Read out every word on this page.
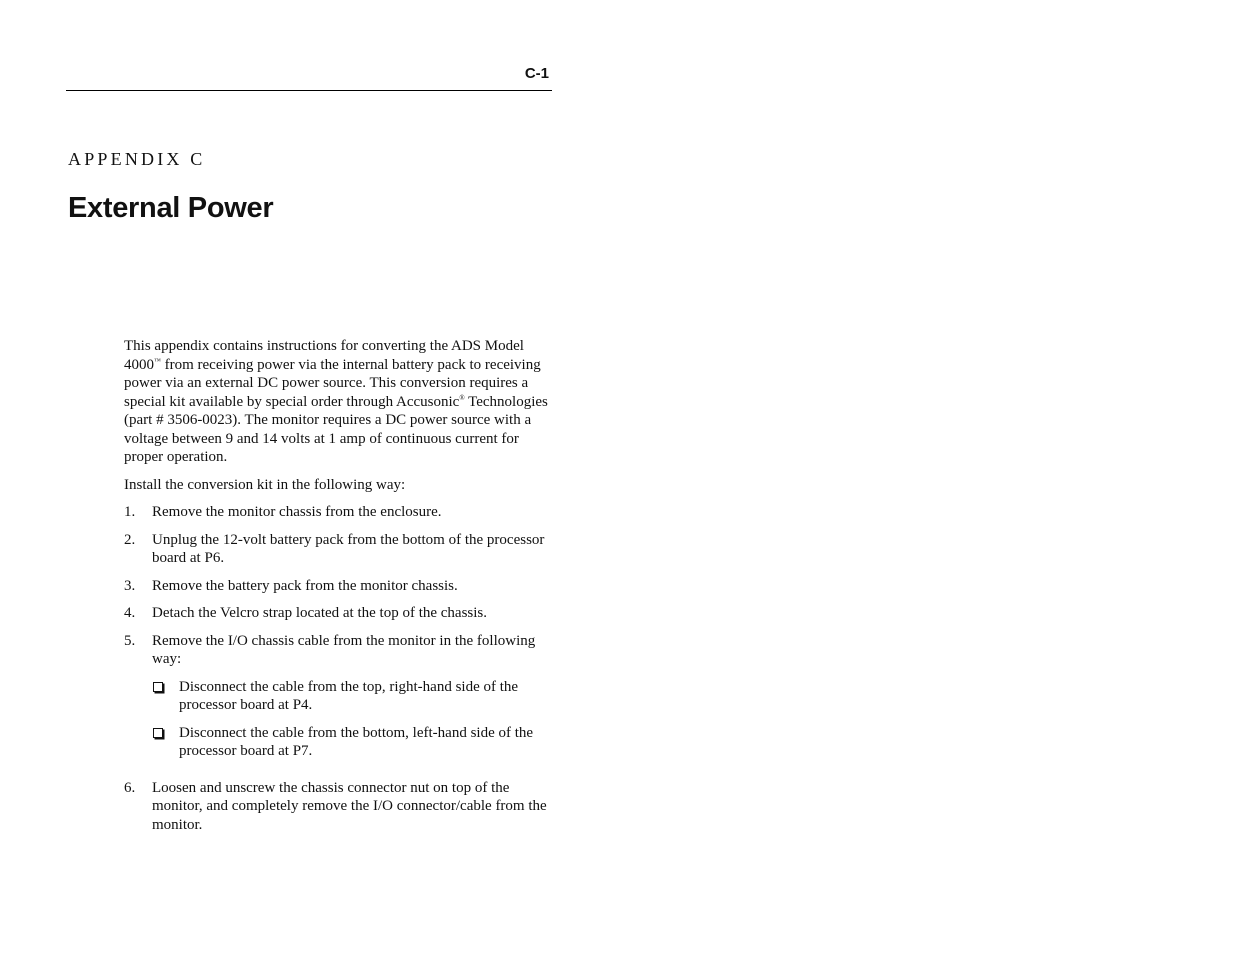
C-1
APPENDIX C
External Power

This appendix contains instructions for converting the ADS Model 4000™ from receiving power via the internal battery pack to receiving power via an external DC power source. This conversion requires a special kit available by special order through Accusonic® Technologies (part # 3506-0023). The monitor requires a DC power source with a voltage between 9 and 14 volts at 1 amp of continuous current for proper operation.

Install the conversion kit in the following way:

1.	Remove the monitor chassis from the enclosure.
2.	Unplug the 12-volt battery pack from the bottom of the processor board at P6.
3.	Remove the battery pack from the monitor chassis.
4.	Detach the Velcro strap located at the top of the chassis.
5.	Remove the I/O chassis cable from the monitor in the following way:
Disconnect the cable from the top, right-hand side of the processor board at P4.
Disconnect the cable from the bottom, left-hand side of the processor board at P7.
6.	Loosen and unscrew the chassis connector nut on top of the monitor, and completely remove the I/O connector/cable from the monitor.
